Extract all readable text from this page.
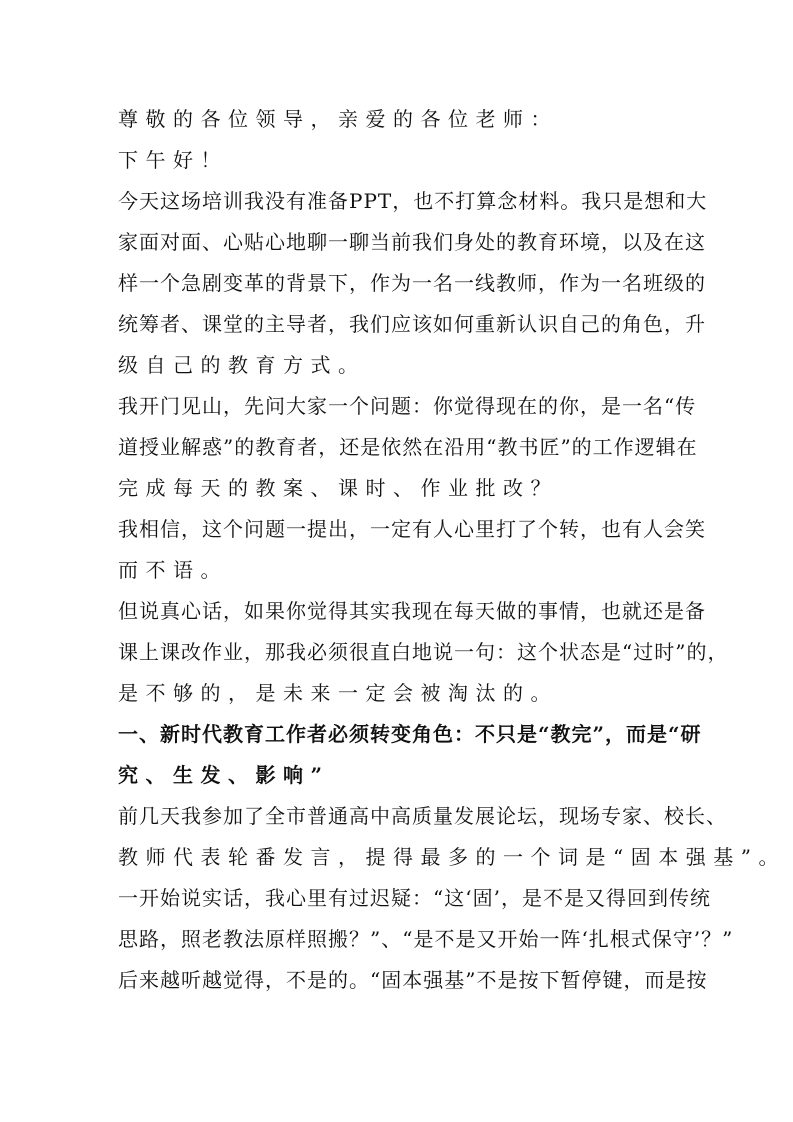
尊敬的各位领导，亲爱的各位老师：
下午好！
今天这场培训我没有准备PPT，也不打算念材料。我只是想和大
家面对面、心贴心地聊一聊当前我们身处的教育环境，以及在这
样一个急剧变革的背景下，作为一名一线教师，作为一名班级的
统筹者、课堂的主导者，我们应该如何重新认识自己的角色，升
级自己的教育方式。
我开门见山，先问大家一个问题：你觉得现在的你，是一名“传
道授业解惑”的教育者，还是依然在沿用“教书匠”的工作逻辑在
完成每天的教案、课时、作业批改？
我相信，这个问题一提出，一定有人心里打了个转，也有人会笑
而不语。
但说真心话，如果你觉得其实我现在每天做的事情，也就还是备
课上课改作业，那我必须很直白地说一句：这个状态是“过时”的，
是不够的，是未来一定会被淘汰的。
一、新时代教育工作者必须转变角色：不只是“教完”，而是“研
究、生发、影响”
前几天我参加了全市普通高中高质量发展论坛，现场专家、校长、
教师代表轮番发言，提得最多的一个词是“固本强基”。
一开始说实话，我心里有过迟疑：“这‘固’，是不是又得回到传统
思路，照老教法原样照搬？”、“是不是又开始一阵‘扎根式保守’？”
后来越听越觉得，不是的。“固本强基”不是按下暂停键，而是按
